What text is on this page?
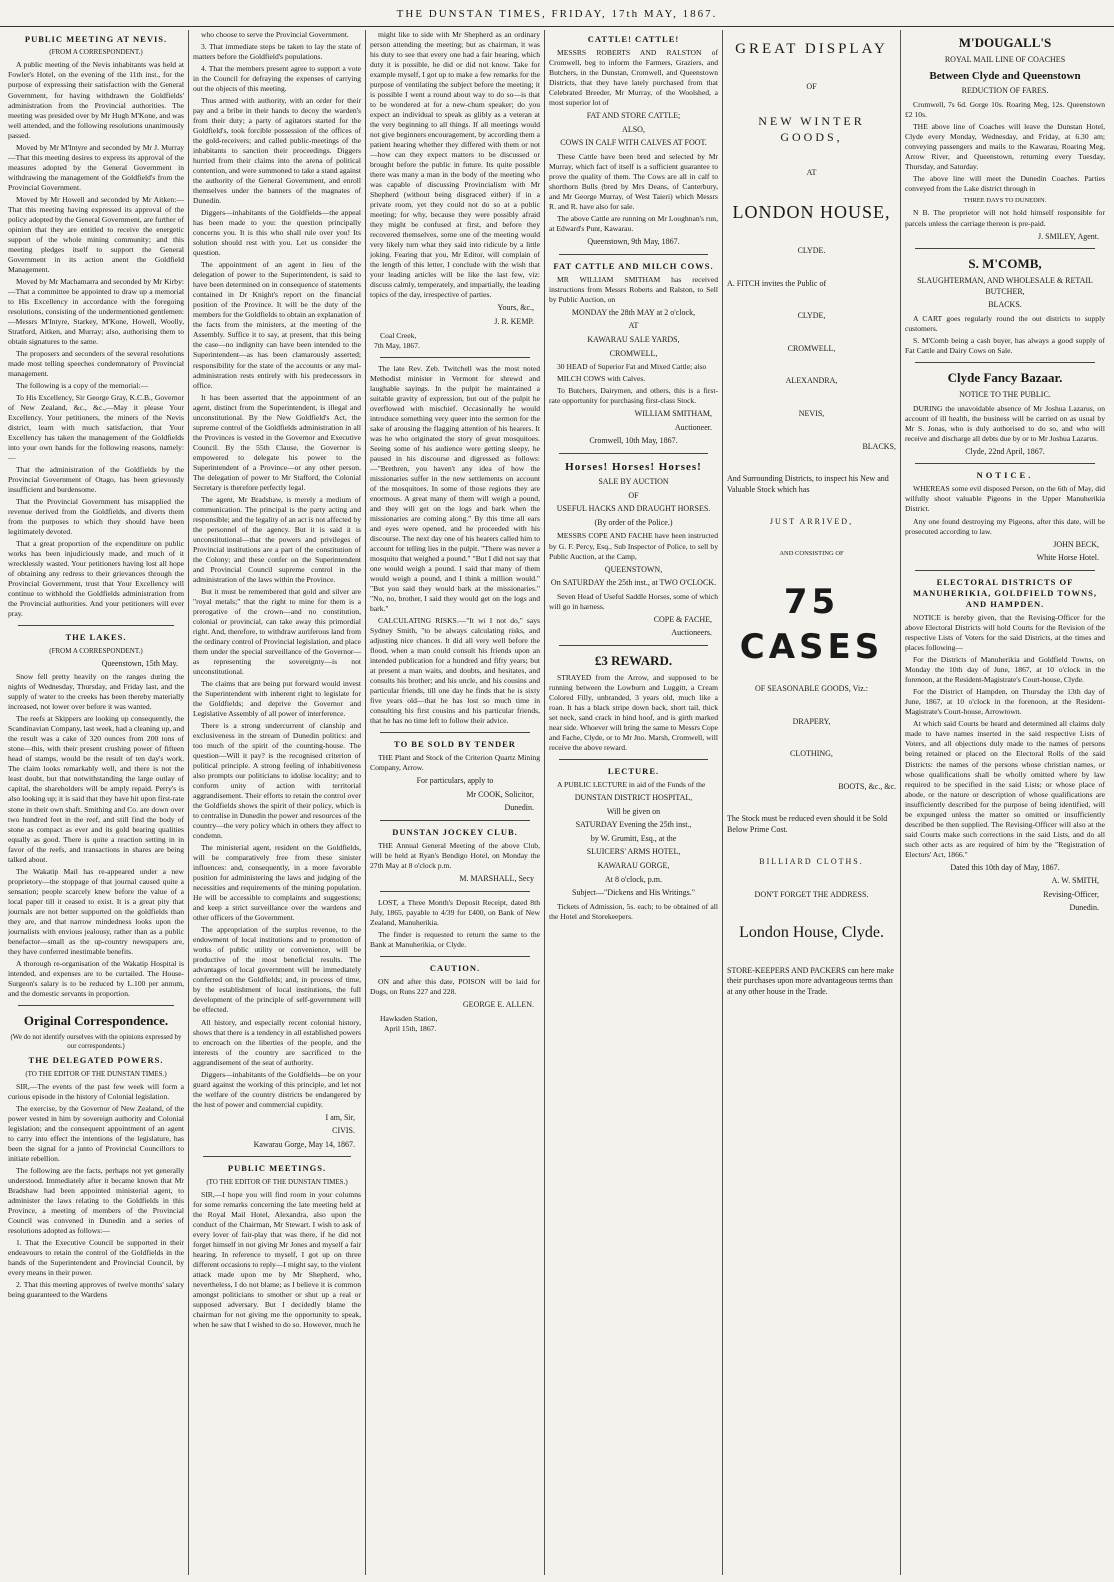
THE DUNSTAN TIMES, FRIDAY, 17th MAY, 1867.
PUBLIC MEETING AT NEVIS.
(FROM A CORRESPONDENT.)

A public meeting of the Nevis inhabitants was held at Fowler's Hotel, on the evening of the 11th inst., for the purpose of expressing their satisfaction with the General Government, for having withdrawn the Goldfields' administration from the Provincial authorities. The meeting was presided over by Mr Hugh M'Kone, and was well attended, and the following resolutions unanimously passed.

Moved by Mr M'Intyre and seconded by Mr J. Murray —That this meeting desires to express its approval of the measures adopted by the General Government in withdrawing the management of the Goldfield's from the Provincial Government.

Moved by Mr Howell and seconded by Mr Aitken:—That this meeting having expressed its approval of the policy adopted by the General Government, are further of opinion that they are entitled to receive the energetic support of the whole mining community; and this meeting pledges itself to support the General Government in its action anent the Goldfield Management.

Moved by Mr Machamarra and seconded by Mr Kirby:—That a committee be appointed to draw up a memorial to His Excellency in accordance with the foregoing resolutions, consisting of the undermentioned gentlemen:—Messrs M'Intyre, Starkey, M'Kone, Howell, Woolly, Stratford, Aitken, and Murray; also, authorising them to obtain signatures to the same.

The proposers and seconders of the several resolutions made most telling speeches condemnatory of Provincial management.

The following is a copy of the memorial:—

To His Excellency, Sir George Gray, K.C.B., Governor of New Zealand, &c., &c.,—May it please Your Excellency. Your petitioners, the miners of the Nevis district, learn with much satisfaction, that Your Excellency has taken the management of the Goldfields into your own hands for the following reasons, namely:—

That the administration of the Goldfields by the Provincial Government of Otago, has been grievously insufficient and burdensome.

That the Provincial Government has misapplied the revenue derived from the Goldfields, and diverts them from the purposes to which they should have been legitimately devoted.

That a great proportion of the expenditure on public works has been injudiciously made, and much of it wrecklessly wasted. Your petitioners having lost all hope of obtaining any redress to their grievances through the Provincial Government, trust that Your Excellency will continue to withhold the Goldfields administration from the Provincial authorities. And your petitioners will ever pray.

THE LAKES.
(FROM A CORRESPONDENT.)
Queenstown, 15th May.

Snow fell pretty heavily on the ranges during the nights of Wednesday, Thursday, and Friday last, and the supply of water to the creeks has been thereby materially increased, not lower over before it was wanted.

The reefs at Skippers are looking up consequently, the Scandinavian Company, last week, had a cleaning up, and the result was a cake of 320 ounces from 200 tons of stone—this, with their present crushing power of fifteen head of stamps, would be the result of ten day's work. The claim looks remarkably well, and there is not the least doubt, but that notwithstanding the large outlay of capital, the shareholders will be amply repaid. Perry's is also looking up; it is said that they have hit upon first-rate stone in their own shaft. Smithing and Co. are down over two hundred feet in the reef, and still find the body of stone as compact as ever and its gold bearing qualities equally as good. There is quite a reaction setting in in favor of the reefs, and transactions in shares are being talked about.

The Wakatip Mail has re-appeared under a new proprietory—the stoppage of that journal caused quite a sensation; people scarcely knew before the value of a local paper till it ceased to exist. It is a great pity that journals are not better supported on the goldfields than they are, and that narrow mindedness looks upon the journalists with envious jealousy, rather than as a public benefactor—small as the up-country newspapers are, they have conferred inestimable benefits.

A thorough re-organisation of the Wakatip Hospital is intended, and expenses are to be curtailed. The House-Surgeon's salary is to be reduced by L.100 per annum, and the domestic servants in proportion.

Original Correspondence.
(We do not identify ourselves with the opinions expressed by our correspondents.)
THE DELEGATED POWERS.
(TO THE EDITOR OF THE DUNSTAN TIMES.)

SIR,—The events of the past few week will form a curious episode in the history of Colonial legislation.

The exercise, by the Governor of New Zealand, of the power vested in him by sovereign authority and Colonial legislation; and the consequent appointment of an agent to carry into effect the intentions of the legislature, has been the signal for a junto of Provincial Councillors to initiate rebellion.

The following are the facts, perhaps not yet generally understood. Immediately after it became known that Mr Bradshaw had been appointed ministerial agent, to administer the laws relating to the Goldfields in this Province, a meeting of members of the Provincial Council was convened in Dunedin and a series of resolutions adopted as follows:—

1. That the Executive Council be supported in their endeavours to retain the control of the Goldfields in the hands of the Superintendent and Provincial Council, by every means in their power.

2. That this meeting approves of twelve months' salary being guaranteed to the Wardens

who choose to serve the Provincial Government.

3. That immediate steps be taken to lay the state of matters before the Goldfield's populations.

4. That the members present agree to support a vote in the Council for defraying the expenses of carrying out the objects of this meeting.

Thus armed with authority, with an order for their pay and a bribe in their hands to decoy the warden's from their duty; a party of agitators started for the Goldfield's, took forcible possession of the offices of the gold-receivers; and called public-meetings of the inhabitants to sanction their proceedings. Diggers hurried from their claims into the arena of political contention, and were summoned to take a stand against the authority of the General Government, and enroll themselves under the banners of the magnates of Dunedin.

Diggers—inhabitants of the Goldfields—the appeal has been made to you: the question principally concerns you. It is this who shall rule over you! Its solution should rest with you. Let us consider the question.

The appointment of an agent in lieu of the delegation of power to the Superintendent, is said to have been determined on in consequence of statements contained in Dr Knight's report on the financial position of the Province. It will be the duty of the members for the Goldfields to obtain an explanation of the facts from the ministers, at the meeting of the Assembly. Suffice it to say, at present, that this being the case—no indignity can have been intended to the Superintendent—as has been clamarously asserted; responsibility for the state of the accounts or any mal-administration rests entirely with his predecessors in office.

It has been asserted that the appointment of an agent, distinct from the Superintendent, is illegal and unconstitutional. By the New Goldfield's Act, the supreme control of the Goldfields administration in all the Provinces is vested in the Governor and Executive Council. By the 55th Clause, the Governor is empowered to delegate his power to the Superintendent of a Province—or any other person. The delegation of power to Mr Stafford, the Colonial Secretary is therefore perfectly legal.

The agent, Mr Bradshaw, is merely a medium of communication. The principal is the party acting and responsible; and the legality of an act is not affected by the personnel of the agency. But it is said it is unconstitutional—that the powers and privileges of Provincial institutions are a part of the constitution of the Colony; and these confer on the Superintendent and Provincial Council supreme control in the administration of the laws within the Province.

But it must be remembered that gold and silver are "royal metals;" that the right to mine for them is a prerogative of the crown—and no constitution, colonial or provincial, can take away this primordial right. And, therefore, to withdraw auriferous land from the ordinary control of Provincial legislation, and place them under the special surveillance of the Governor—as representing the sovereignty—is not unconstitutional.

The claims that are being put forward would invest the Superintendent with inherent right to legislate for the Goldfields; and deprive the Governor and Legislative Assembly of all power of interference.

There is a strong undercurrent of clanship and exclusiveness in the stream of Dunedin politics: and too much of the spirit of the counting-house. The question—Will it pay? is the recognised criterion of political principle. A strong feeling of inhabitiveness also prompts our politicians to idolise locality; and to conform unity of action with territorial aggrandisement. Their efforts to retain the control over the Goldfields shows the spirit of their policy, which is to centralise in Dunedin the power and resources of the country—the very policy which in others they affect to condemn.

The ministerial agent, resident on the Goldfields, will be comparatively free from these sinister influences: and, consequently, in a more favorable position for administering the laws and judging of the necessities and requirements of the mining population. He will be accessible to complaints and suggestions; and keep a strict surveillance over the wardens and other officers of the Government.

The appropriation of the surplus revenue, to the endowment of local institutions and to promotion of works of public utility or convenience, will be productive of the most beneficial results. The advantages of local government will be immediately conferred on the Goldfields; and, in process of time, by the establishment of local institutions, the full development of the principle of self-government will be effected.

All history, and especially recent colonial history, shows that there is a tendency in all established powers to encroach on the liberties of the people, and the interests of the country are sacrificed to the aggrandisement of the seat of authority.

Diggers—inhabitants of the Goldfields—be on your guard against the working of this principle, and let not the welfare of the country districts be endangered by the lust of power and commercial cupidity.

I am, Sir,
CIVIS.
Kawarau Gorge, May 14, 1867.
PUBLIC MEETINGS.
(TO THE EDITOR OF THE DUNSTAN TIMES.)

SIR,—I hope you will find room in your columns for some remarks concerning the late meeting held at the Royal Mail Hotel, Alexandra, also upon the conduct of the Chairman, Mr Stewart. I wish to ask of every lover of fair-play that was there, if he did not forget himself in not giving Mr Jones and myself a fair hearing. In reference to myself, I got up on three different occasions to reply—I might say, to the violent attack made upon me by Mr Shepherd, who, nevertheless, I do not blame; as I believe it is common amongst politicians to smother or shut up a real or supposed adversary. But I decidedly blame the chairman for not giving me the opportunity to speak, when he saw that I wished to do so. However, much he

might like to side with Mr Shepherd as an ordinary person attending the meeting; but as chairman, it was his duty to see that every one had a fair hearing, which duty it is possible, he did or did not know. Take for example myself, I got up to make a few remarks for the purpose of ventilating the subject before the meeting; it is possible I went a round about way to do so—is that to be wondered at for a new-chum speaker; do you expect an individual to speak as glibly as a veteran at the very beginning to all things. If all meetings would not give beginners encouragement, by according them a patient hearing whether they differed with them or not—how can they expect matters to be discussed or brought before the public in future. Its quite possible there was many a man in the body of the meeting who was capable of discussing Provincialism with Mr Shepherd (without being disgraced either) if in a private room, yet they could not do so at a public meeting; for why, because they were possibly afraid they might be confused at first, and before they recovered themselves, some one of the meeting would very likely turn what they said into ridicule by a little joking. Fearing that you, Mr Editor, will complain of the length of this letter, I conclude with the wish that your leading articles will be like the last few, viz: discuss calmly, temperately, and impartially, the leading topics of the day, irrespective of parties.

Yours, &c.,
J. R. KEMP.
Coal Creek,
7th May, 1867.

The late Rev. Zeb. Twitchell was the most noted Methodist minister in Vermont for shrewd and laughable sayings. In the pulpit he maintained a suitable gravity of expression, but out of the pulpit he overflowed with mischief. Occasionally he would introduce something very queer into the sermon for the sake of arousing the flagging attention of his hearers. It was he who originated the story of great mosquitoes. Seeing some of his audience were getting sleepy, he paused in his discourse and digressed as follows:—"Brethren, you haven't any idea of how the missionaries suffer in the new settlements on account of the mosquitoes. In some of those regions they are enormous. A great many of them will weigh a pound, and they will get on the logs and bark when the missionaries are coming along." By this time all ears and eyes were opened, and he proceeded with his discourse. The next day one of his hearers called him to account for telling lies in the pulpit. "There was never a mosquito that weighed a pound." "But I did not say that one would weigh a pound. I said that many of them would weigh a pound, and I think a million would." "But you said they would bark at the missionaries." "No, no, brother, I said they would get on the logs and bark."

CALCULATING RISKS.—"It wi I not do," says Sydney Smith, "to be always calculating risks, and adjusting nice chances. It did all very well before the flood, when a man could consult his friends upon an intended publication for a hundred and fifty years; but at present a man waits, and doubts, and hesitates, and consults his brother; and his uncle, and his cousins and particular friends, till one day he finds that he is sixty five years old—that he has lost so much time in consulting his first cousins and his particular friends, that he has no time left to follow their advice.

TO BE SOLD BY TENDER

THE Plant and Stock of the Criterion Quartz Mining Company, Arrow.

For particulars, apply to
Mr COOK, Solicitor,
Dunedin.
DUNSTAN JOCKEY CLUB.

THE Annual General Meeting of the above Club, will be held at Ryan's Bendigo Hotel, on Monday the 27th May at 8 o'clock p.m.

M. MARSHALL, Secy

LOST, a Three Month's Deposit Receipt, dated 8th July, 1865, payable to 4/39 for £400, on Bank of New Zealand, Manuherikia.

The finder is requested to return the same to the Bank at Manuherikia, or Clyde.

CAUTION.

ON and after this date, POISON will be laid for Dogs, on Runs 227 and 228.

GEORGE E. ALLEN.
Hawksden Station,
April 15th, 1867.
CATTLE! CATTLE!

MESSRS ROBERTS AND RALSTON of Cromwell, beg to inform the Farmers, Graziers, and Butchers, in the Dunstan, Cromwell, and Queenstown Districts, that they have lately purchased from that Celebrated Breeder, Mr Murray, of the Woolshed, a most superior lot of

FAT AND STORE CATTLE;
ALSO,
COWS IN CALF WITH CALVES AT FOOT.

These Cattle have been bred and selected by Mr Murray, which fact of itself is a sufficient guarantee to prove the quality of them. The Cows are all in calf to shorthorn Bulls (bred by Mrs Deans, of Canterbury, and Mr George Murray, of West Taieri) which Messrs R. and R. have also for sale.

The above Cattle are running on Mr Loughnan's run, at Edward's Punt, Kawarau.

Queenstown, 9th May, 1867.
FAT CATTLE AND MILCH COWS.

MR WILLIAM SMITHAM has received instructions from Messrs Roberts and Ralston, to Sell by Public Auction, on

MONDAY the 28th MAY at 2 o'clock,
AT
KAWARAU SALE YARDS,
CROMWELL,

30 HEAD of Superior Fat and Mixed Cattle; also

MILCH COWS with Calves.

To Butchers, Dairymen, and others, this is a first-rate opportunity for purchasing first-class Stock.

WILLIAM SMITHAM,
Auctioneer.
Cromwell, 10th May, 1867.
Horses! Horses! Horses!
SALE BY AUCTION
OF
USEFUL HACKS AND DRAUGHT HORSES.
(By order of the Police.)

MESSRS COPE AND FACHE have been instructed by G. F. Percy, Esq., Sub Inspector of Police, to sell by Public Auction, at the Camp,

QUEENSTOWN,
On SATURDAY the 25th inst., at TWO O'CLOCK.

Seven Head of Useful Saddle Horses, some of which will go in harness.

COPE & FACHE,
Auctioneers.
£3 REWARD.

STRAYED from the Arrow, and supposed to be running between the Lowburn and Luggitt, a Cream Colored Filly, unbranded, 3 years old, much like a roan. It has a black stripe down back, short tail, thick set neck, sand crack in hind hoof, and is girth marked near side. Whoever will bring the same to Messrs Cope and Fache, Clyde, or to Mr Jno. Marsh, Cromwell, will receive the above reward.

LECTURE.

A PUBLIC LECTURE in aid of the Funds of the

DUNSTAN DISTRICT HOSPITAL,
Will be given on
SATURDAY Evening the 25th inst.,
by W. Grumitt, Esq., at the
SLUICERS' ARMS HOTEL,
KAWARAU GORGE,
At 8 o'clock, p.m.
Subject—"Dickens and His Writings."

Tickets of Admission, 5s. each; to be obtained of all the Hotel and Storekeepers.

GREAT DISPLAY
OF
NEW WINTER GOODS,
AT
LONDON HOUSE,
CLYDE.
A. FITCH invites the Public of
CLYDE,
CROMWELL,
ALEXANDRA,
NEVIS,
BLACKS,
And Surrounding Districts, to inspect his New and Valuable Stock which has
JUST ARRIVED,
AND CONSISTING OF
75 CASES
OF SEASONABLE GOODS, Viz.:
DRAPERY,
CLOTHING,
BOOTS, &c., &c.
The Stock must be reduced even should it be Sold Below Prime Cost.
BILLIARD CLOTHS.
DON'T FORGET THE ADDRESS.
London House, Clyde.
STORE-KEEPERS AND PACKERS can here make their purchases upon more advantageous terms than at any other house in the Trade.
M'DOUGALL'S
ROYAL MAIL LINE OF COACHES
Between Clyde and Queenstown
REDUCTION OF FARES.

Cromwell, 7s 6d. Gorge 10s. Roaring Meg, 12s. Queenstown £2 10s.

THE above line of Coaches will leave the Dunstan Hotel, Clyde every Monday, Wednesday, and Friday, at 6.30 am; conveying passengers and mails to the Kawarau, Roaring Meg, Arrow River, and Queenstown, returning every Tuesday, Thursday, and Saturday.

The above line will meet the Dunedin Coaches. Parties conveyed from the Lake district through in

THREE DAYS TO DUNEDIN.

N B. The proprietor will not hold himself responsible for parcels unless the carriage thereon is pre-paid.

J. SMILEY, Agent.
S. M'COMB,
SLAUGHTERMAN, AND WHOLESALE & RETAIL BUTCHER,
BLACKS.

A CART goes regularly round the out districts to supply customers.

S. M'Comb being a cash buyer, has always a good supply of Fat Cattle and Dairy Cows on Sale.

Clyde Fancy Bazaar.
NOTICE TO THE PUBLIC.

DURING the unavoidable absence of Mr Joshua Lazarus, on account of ill health, the business will be carried on as usual by Mr S. Jonas, who is duly authorised to do so, and who will receive and discharge all debts due by or to Mr Joshua Lazarus.

Clyde, 22nd April, 1867.
NOTICE.

WHEREAS some evil disposed Person, on the 6th of May, did wilfully shoot valuable Pigeons in the Upper Manuherikia District.

Any one found destroying my Pigeons, after this date, will be prosecuted according to law.

JOHN BECK,
White Horse Hotel.
ELECTORAL DISTRICTS OF MANUHERIKIA, GOLDFIELD TOWNS, AND HAMPDEN.

NOTICE is hereby given, that the Revising-Officer for the above Electoral Districts will hold Courts for the Revision of the respective Lists of Voters for the said Districts, at the times and places following—

For the Districts of Manuherikia and Goldfield Towns, on Monday the 10th day of June, 1867, at 10 o'clock in the forenoon, at the Resident-Magistrate's Court-house, Clyde.

For the District of Hampden, on Thursday the 13th day of June, 1867, at 10 o'clock in the forenoon, at the Resident-Magistrate's Court-house, Arrowtown.

At which said Courts be heard and determined all claims duly made to have names inserted in the said respective Lists of Voters, and all objections duly made to the names of persons being retained or placed on the Electoral Rolls of the said Districts: the names of the persons whose christian names, or whose qualifications shall be wholly omitted where by law required to be specified in the said Lists; or whose place of abode, or the nature or description of whose qualifications are insufficiently described for the purpose of being identified, will be expunged unless the matter so omitted or insufficiently described be then supplied. The Revising-Officer will also at the said Courts make such corrections in the said Lists, and do all such other acts as are required of him by the "Registration of Electors' Act, 1866."

Dated this 10th day of May, 1867.
A. W. SMITH,
Revising-Officer,
Dunedin.
